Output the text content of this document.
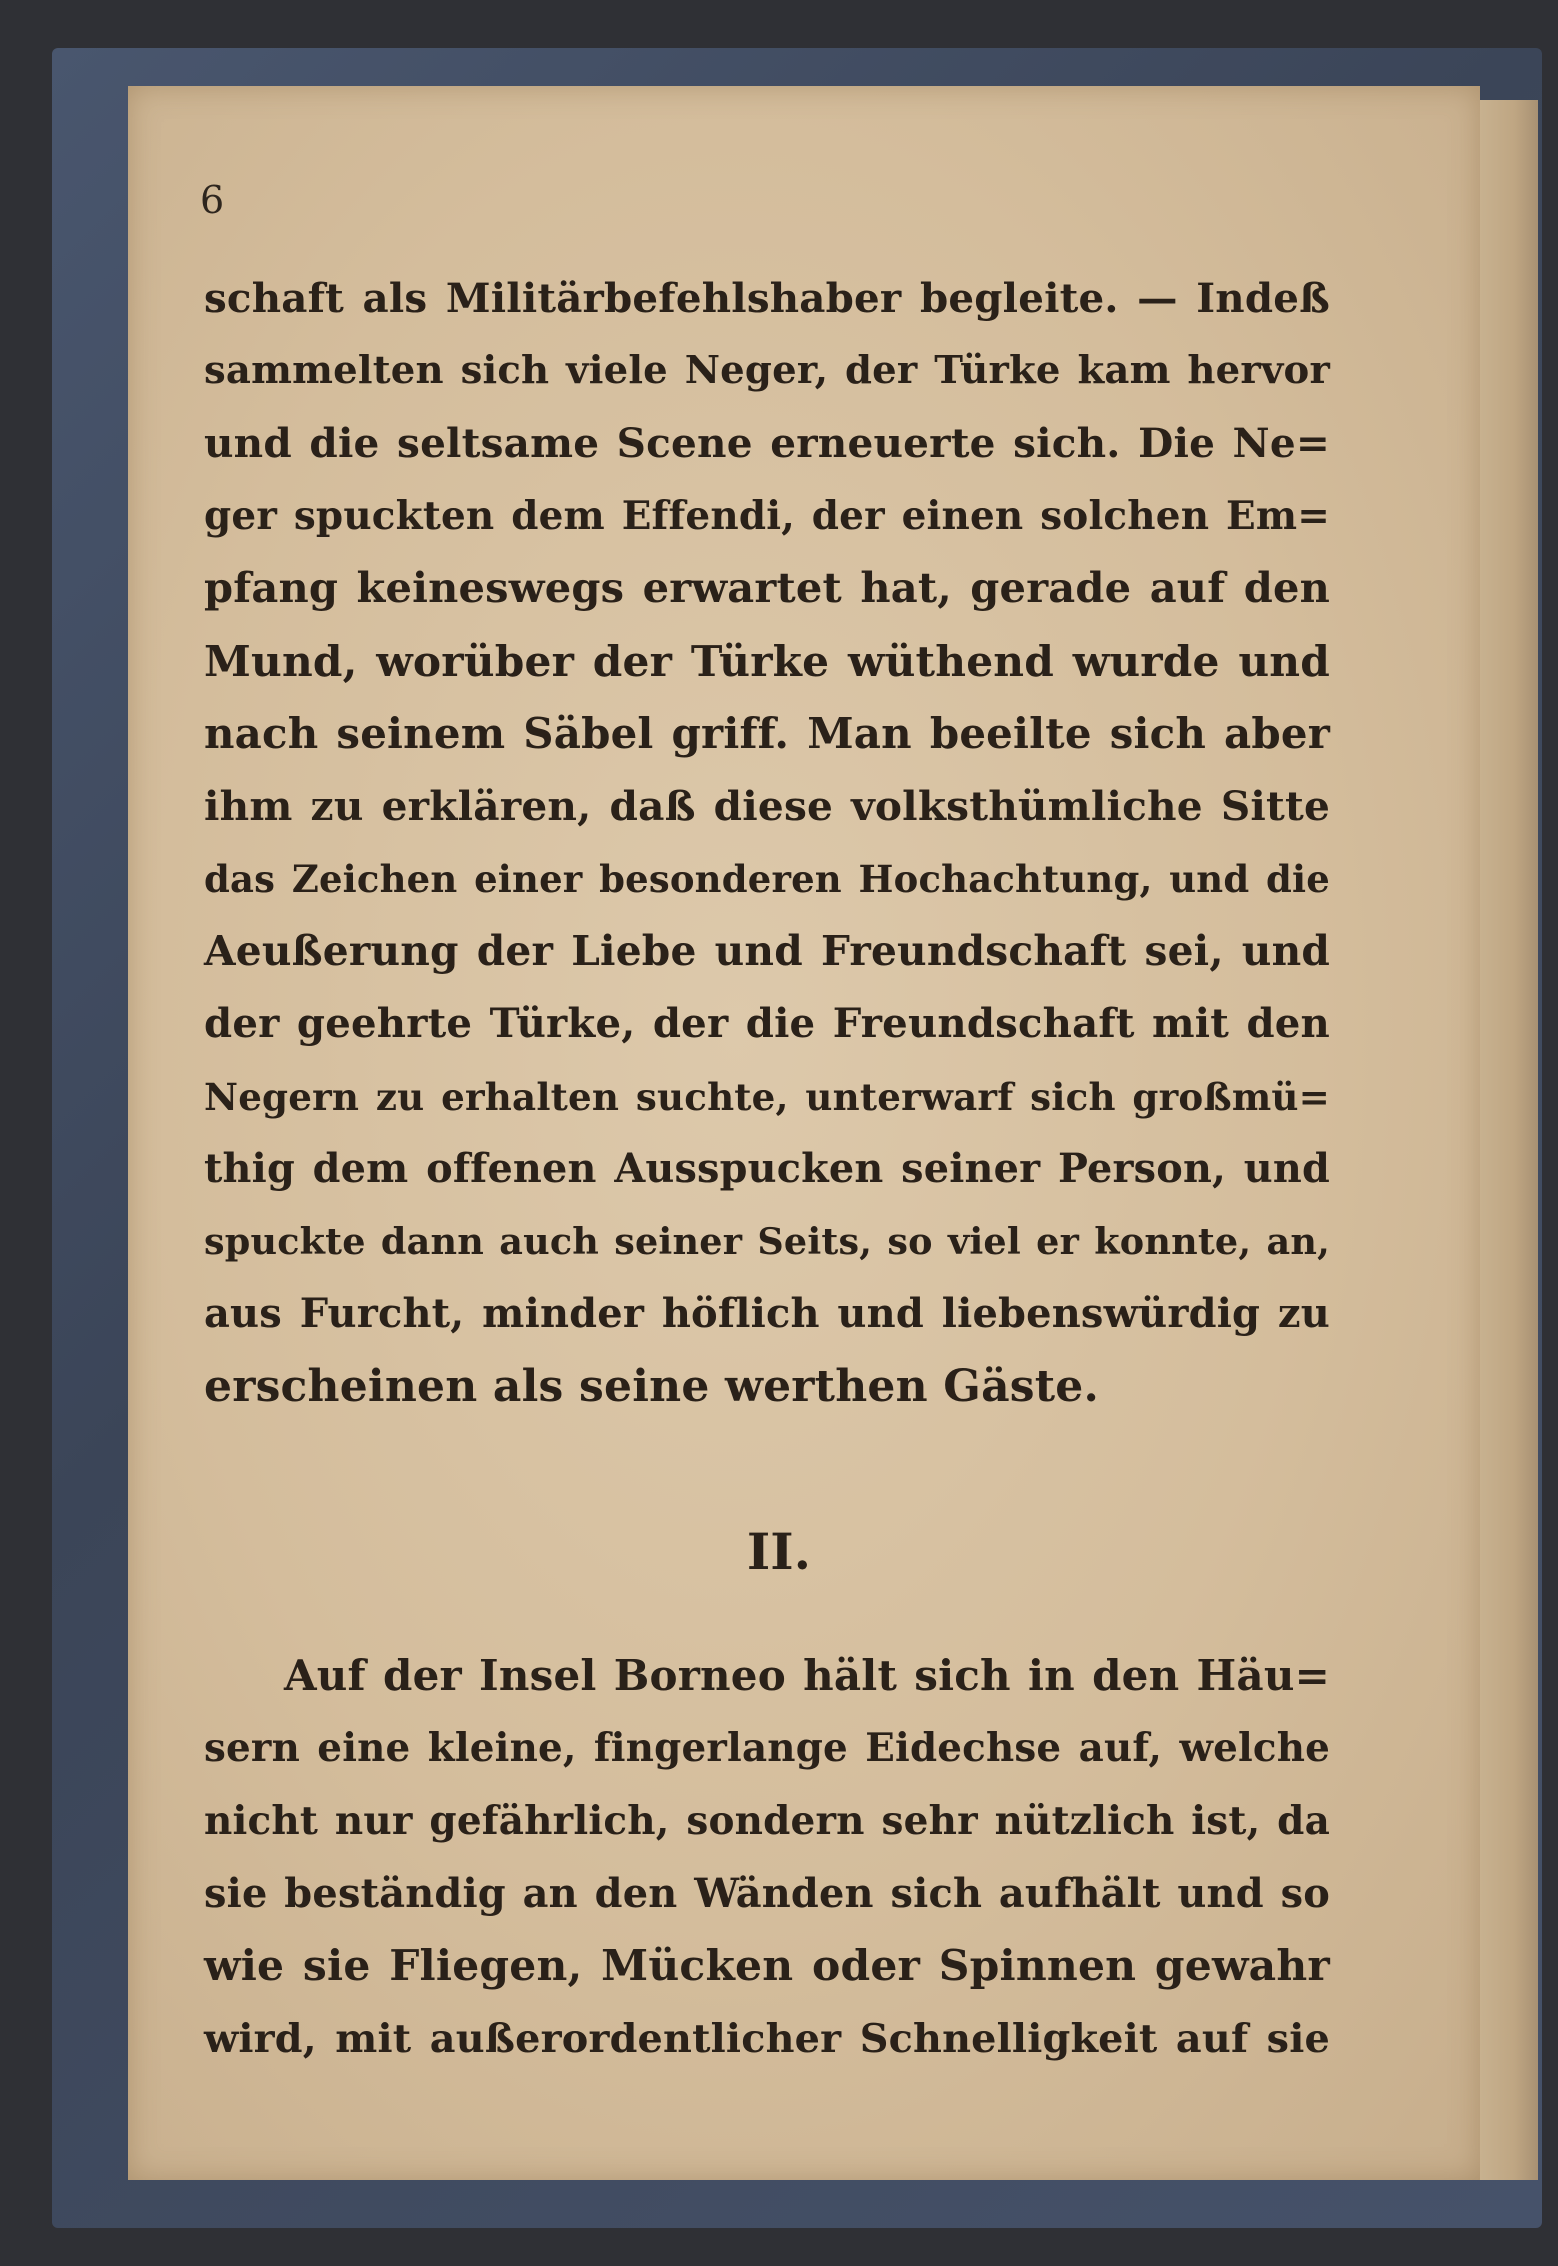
6
schaft als Militärbefehlshaber begleite. — Indeß
sammelten sich viele Neger, der Türke kam hervor
und die seltsame Scene erneuerte sich. Die Ne=
ger spuckten dem Effendi, der einen solchen Em=
pfang keineswegs erwartet hat, gerade auf den
Mund, worüber der Türke wüthend wurde und
nach seinem Säbel griff. Man beeilte sich aber
ihm zu erklären, daß diese volksthümliche Sitte
das Zeichen einer besonderen Hochachtung, und die
Aeußerung der Liebe und Freundschaft sei, und
der geehrte Türke, der die Freundschaft mit den
Negern zu erhalten suchte, unterwarf sich großmü=
thig dem offenen Ausspucken seiner Person, und
spuckte dann auch seiner Seits, so viel er konnte, an,
aus Furcht, minder höflich und liebenswürdig zu
erscheinen als seine werthen Gäste.
II.
Auf der Insel Borneo hält sich in den Häu=
sern eine kleine, fingerlange Eidechse auf, welche
nicht nur gefährlich, sondern sehr nützlich ist, da
sie beständig an den Wänden sich aufhält und so
wie sie Fliegen, Mücken oder Spinnen gewahr
wird, mit außerordentlicher Schnelligkeit auf sie
